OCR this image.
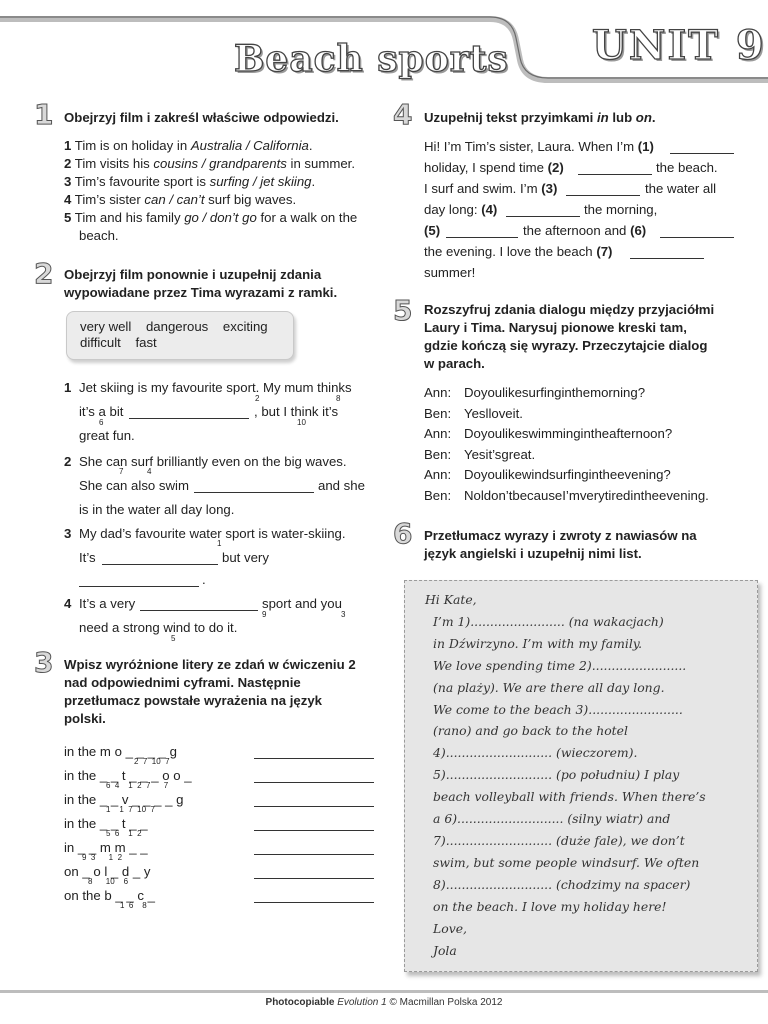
Beach sports UNIT 9
1 Obejrzyj film i zakreśl właściwe odpowiedzi.
1 Tim is on holiday in Australia / California.
2 Tim visits his cousins / grandparents in summer.
3 Tim’s favourite sport is surfing / jet skiing.
4 Tim’s sister can / can’t surf big waves.
5 Tim and his family go / don’t go for a walk on the
beach.
2 Obejrzyj film ponownie i uzupełnij zdania
wypowiadane przez Tima wyrazami z ramki.
very well    dangerous    exciting
difficult    fast
1 Jet skiing is my favourite sport. My mum thinks
2	8
it’s a bit	, but I think it’s
6	10
great fun.
2 She can surf brilliantly even on the big waves.
7	4
She can also swim	and she
is in the water all day long.
3 My dad’s favourite water sport is water-skiing.
1
It’s	but very
.
4 It’s a very	sport and you
9	3
need a strong wind to do it.
5
3 Wpisz wyróżnione litery ze zdań w ćwiczeniu 2
nad odpowiednimi cyframi. Następnie
przetłumacz powstałe wyrażenia na język
polski.
in the m o _ _ _ _ g
2  7  10  7
in the _ _ t _ _ _ o o _
6  4    1  2  7      7
in the _ _ v _ _ _ _ g
1    1  7  10  7
in the _ _ t _ _
5  6    1  2
in _ _ m m _ _
9  3      1  2
on _ o l _ d _ y
8      10    6
on the b _ _ c _
1  6    8
4 Uzupełnij tekst przyimkami in lub on.
Hi! I’m Tim’s sister, Laura. When I’m (1)
holiday, I spend time (2)	the beach.
I surf and swim. I’m (3)	the water all
day long: (4)	the morning,
(5)	the afternoon and (6)
the evening. I love the beach (7)
summer!
5 Rozszyfruj zdania dialogu między przyjaciółmi
Laury i Tima. Narysuj pionowe kreski tam,
gdzie kończą się wyrazy. Przeczytajcie dialog
w parach.
Ann: Doyoulikesurfinginthemorning?
Ben: Yeslloveit.
Ann: Doyoulikeswimmingintheafternoon?
Ben: Yesit’sgreat.
Ann: Doyoulikewindsurfingintheevening?
Ben: Noldon’tbecauseI’mverytiredintheevening.
6 Przetłumacz wyrazy i zwroty z nawiasów na
język angielski i uzupełnij nimi list.
Hi Kate,
I’m 1)........................ (na wakacjach)
in Dźwirzyno. I’m with my family.
We love spending time 2)........................
(na plaży). We are there all day long.
We come to the beach 3)........................
(rano) and go back to the hotel
4)........................... (wieczorem).
5)........................... (po południu) I play
beach volleyball with friends. When there’s
a 6)........................... (silny wiatr) and
7)........................... (duże fale), we don’t
swim, but some people windsurf. We often
8)........................... (chodzimy na spacer)
on the beach. I love my holiday here!
Love,
Jola
Photocopiable Evolution 1 © Macmillan Polska 2012
